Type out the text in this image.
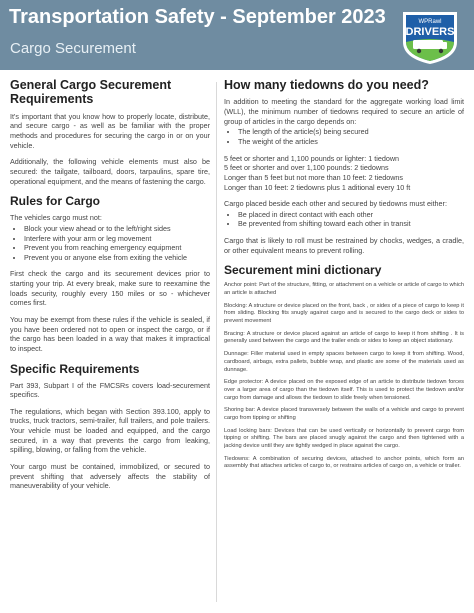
Transportation Safety - September 2023
Cargo Securement
WPRawl
DRIVERS
General Cargo Securement Requirements

It's important that you know how to properly locate, distribute, and secure cargo - as well as be familiar with the proper methods and procedures for securing the cargo in or on your vehicle.

Additionally, the following vehicle elements must also be secured: the tailgate, tailboard, doors, tarpaulins, spare tire, operational equipment, and the means of fastening the cargo.

Rules for Cargo

The vehicles cargo must not:

• Block your view ahead or to the left/right sides
• Interfere with your arm or leg movement
• Prevent you from reaching emergency equipment
• Prevent you or anyone else from exiting the vehicle

First check the cargo and its securement devices prior to starting your trip. At every break, make sure to reexamine the loads security, roughly every 150 miles or so - whichever comes first.

You may be exempt from these rules if the vehicle is sealed, if you have been ordered not to open or inspect the cargo, or if the cargo has been loaded in a way that makes it impractical to inspect.

Specific Requirements

Part 393, Subpart I of the FMCSRs covers load-securement specifics.

The regulations, which began with Section 393.100, apply to trucks, truck tractors, semi-trailer, full trailers, and pole trailers. Your vehicle must be loaded and equipped, and the cargo secured, in a way that prevents the cargo from leaking, spilling, blowing, or falling from the vehicle.

Your cargo must be contained, immobilized, or secured to prevent shifting that adversely affects the stability of maneuverability of your vehicle.

How many tiedowns do you need?

In addition to meeting the standard for the aggregate working load limit (WLL), the minimum number of tiedowns required to secure an article of group of articles in the cargo depends on:

• The length of the article(s) being secured
• The weight of the articles

5 feet or shorter and 1,100 pounds or lighter: 1 tiedown
5 feet or shorter and over 1,100 pounds: 2 tiedowns
Longer than 5 feet but not more than 10 feet: 2 tiedowns
Longer than 10 feet: 2 tiedowns plus 1 aditional every 10 ft

Cargo placed beside each other and secured by tiedowns must either:

• Be placed in direct contact with each other
• Be prevented from shifting toward each other in transit

Cargo that is likely to roll must be restrained by chocks, wedges, a cradle, or other equivalent means to prevent rolling.

Securement mini dictionary

Anchor point: Part of the structure, fitting, or attachment on a vehicle or article of cargo to which an article is attached

Blocking: A structure or device placed on the front, back , or sides of a piece of cargo to keep it from sliding. Blocking fits snugly against cargo and is secured to the cargo deck or sides to prevent movement

Bracing: A structure or device placed against an article of cargo to keep it from shifting . It is generally used between the cargo and the trailer ends or sides to keep an object stationary.

Dunnage: Filler material used in empty spaces between cargo to keep it from shifting. Wood, cardboard, airbags, extra pallets, bubble wrap, and plastic are some of the materials used as dunnage.

Edge protector: A device placed on the exposed edge of an article to distribute tiedown forces over a larger area of cargo than the tiedown itself. This is used to protect the tiedown and/or cargo from damage and allows the tiedown to slide freely when tensioned.

Shoring bar: A device placed transversely between the walls of a vehicle and cargo to prevent cargo from tipping or shifting

Load locking bars: Devices that can be used vertically or horizontally to prevent cargo from tipping or shifting. The bars are placed snugly against the cargo and then tightened with a jacking device until they are tightly wedged in place against the cargo.

Tiedowns: A combination of securing devices, attached to anchor points, which form an assembly that attaches articles of cargo to, or restrains articles of cargo on, a vehicle or trailer.
